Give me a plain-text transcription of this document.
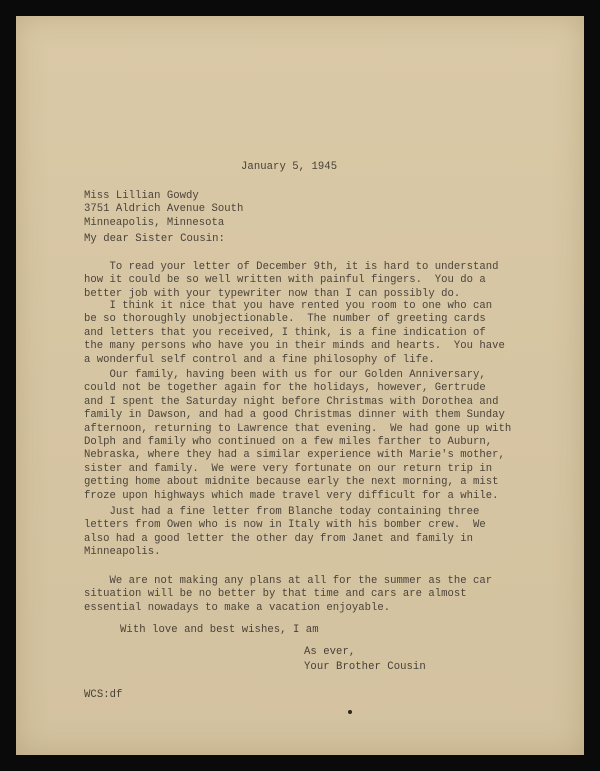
January 5, 1945
Miss Lillian Gowdy
3751 Aldrich Avenue South
Minneapolis, Minnesota
My dear Sister Cousin:
To read your letter of December 9th, it is hard to understand
how it could be so well written with painful fingers.  You do a
better job with your typewriter now than I can possibly do.
I think it nice that you have rented you room to one who can
be so thoroughly unobjectionable.  The number of greeting cards
and letters that you received, I think, is a fine indication of
the many persons who have you in their minds and hearts.  You have
a wonderful self control and a fine philosophy of life.
Our family, having been with us for our Golden Anniversary,
could not be together again for the holidays, however, Gertrude
and I spent the Saturday night before Christmas with Dorothea and
family in Dawson, and had a good Christmas dinner with them Sunday
afternoon, returning to Lawrence that evening.  We had gone up with
Dolph and family who continued on a few miles farther to Auburn,
Nebraska, where they had a similar experience with Marie's mother,
sister and family.  We were very fortunate on our return trip in
getting home about midnite because early the next morning, a mist
froze upon highways which made travel very difficult for a while.
Just had a fine letter from Blanche today containing three
letters from Owen who is now in Italy with his bomber crew.  We
also had a good letter the other day from Janet and family in
Minneapolis.
We are not making any plans at all for the summer as the car
situation will be no better by that time and cars are almost
essential nowadays to make a vacation enjoyable.
With love and best wishes, I am
As ever,
Your Brother Cousin
WCS:df
